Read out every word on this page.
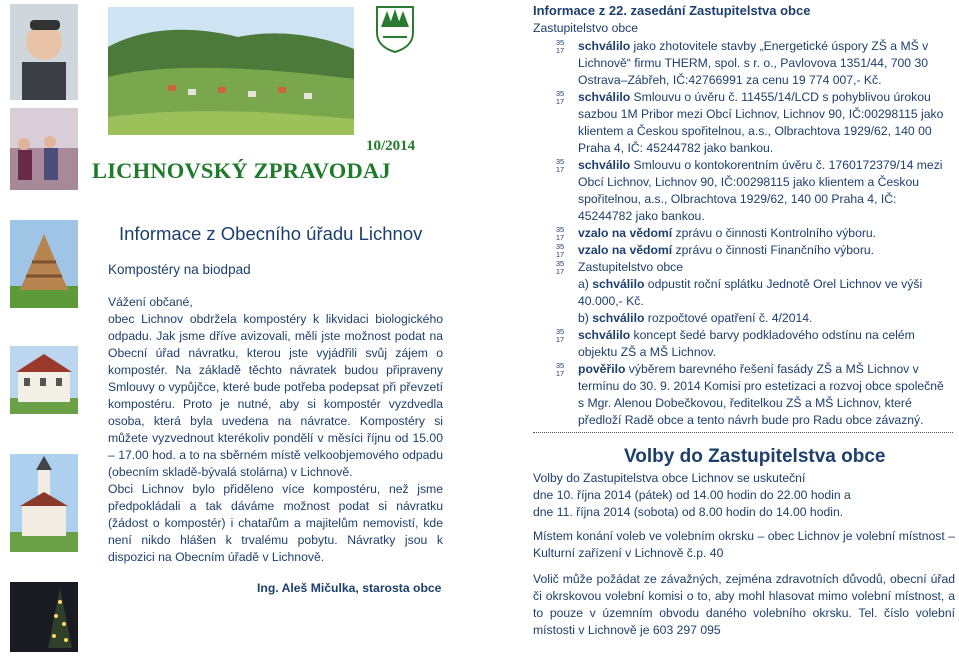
10/2014
LICHNOVSKÝ ZPRAVODAJ
Informace z Obecního úřadu Lichnov
Kompostéry na biodpad

Vážení občané,

obec Lichnov obdržela kompostéry k likvidaci biologického odpadu. Jak jsme dříve avizovali, měli jste možnost podat na Obecní úřad návratku, kterou jste vyjádřili svůj zájem o kompostér. Na základě těchto návratek budou připraveny Smlouvy o vypůjčce, které bude potřeba podepsat při převzetí kompostéru. Proto je nutné, aby si kompostér vyzdvedla osoba, která byla uvedena na návratce. Kompostéry si můžete vyzvednout kterékoliv pondělí v měsíci říjnu od 15.00 – 17.00 hod. a to na sběrném místě velkoobjemového odpadu (obecním skladě-bývalá stolárna) v Lichnově.

Obci Lichnov bylo přiděleno více kompostéru, než jsme předpokládali a tak dáváme možnost podat si návratku (žádost o kompostér) i chatařům a majitelům nemovistí, kde není nikdo hlášen k trvalému pobytu. Návratky jsou k dispozici na Obecním úřadě v Lichnově.

Ing. Aleš Mičulka, starosta obce
Informace z 22. zasedání Zastupitelstva obce
Zastupitelstvo obce
35
17 schválilo jako zhotovitele stavby „Energetické úspory ZŠ a MŠ v Lichnově“ firmu THERM, spol. s r. o., Pavlovova 1351/44, 700 30 Ostrava–Zábřeh, IČ:42766991 za cenu 19 774 007,- Kč.
35
17 schválilo Smlouvu o úvěru č. 11455/14/LCD s pohyblivou úrokou sazbou 1M Pribor mezi Obcí Lichnov, Lichnov 90, IČ:00298115 jako klientem a Českou spořitelnou, a.s., Olbrachtova 1929/62, 140 00 Praha 4, IČ: 45244782 jako bankou.
35
17 schválilo Smlouvu o kontokorentním úvěru č. 1760172379/14 mezi Obcí Lichnov, Lichnov 90, IČ:00298115 jako klientem a Českou spořitelnou, a.s., Olbrachtova 1929/62, 140 00 Praha 4, IČ: 45244782 jako bankou.
35
17 vzalo na vědomí zprávu o činnosti Kontrolního výboru.
35
17 vzalo na vědomí zprávu o činnosti Finančního výboru.
35
17 Zastupitelstvo obce
a) schválilo odpustit roční splátku Jednotě Orel Lichnov ve výši 40.000,- Kč.
b) schválilo rozpočtové opatření č. 4/2014.
35
17 schválilo koncept šedé barvy podkladového odstínu na celém objektu ZŠ a MŠ Lichnov.
35
17 pověřilo výběrem barevného řešení fasády ZŠ a MŠ Lichnov v termínu do 30. 9. 2014 Komisi pro estetizaci a rozvoj obce společně s Mgr. Alenou Dobečkovou, ředitelkou ZŠ a MŠ Lichnov, které předloží Radě obce a tento návrh bude pro Radu obce závazný.
Volby do Zastupitelstva obce

Volby do Zastupitelstva obce Lichnov se uskuteční

dne 10. října 2014 (pátek) od 14.00 hodin do 22.00 hodin a

dne 11. října 2014 (sobota) od 8.00 hodin do 14.00 hodin.

Místem konání voleb ve volebním okrsku – obec Lichnov je volební místnost – Kulturní zařízení v Lichnově č.p. 40

Volič může požádat ze závažných, zejména zdravotních důvodů, obecní úřad či okrskovou volební komisi o to, aby mohl hlasovat mimo volební místnost, a to pouze v územním obvodu daného volebního okrsku. Tel. číslo volební místosti v Lichnově je 603 297 095
